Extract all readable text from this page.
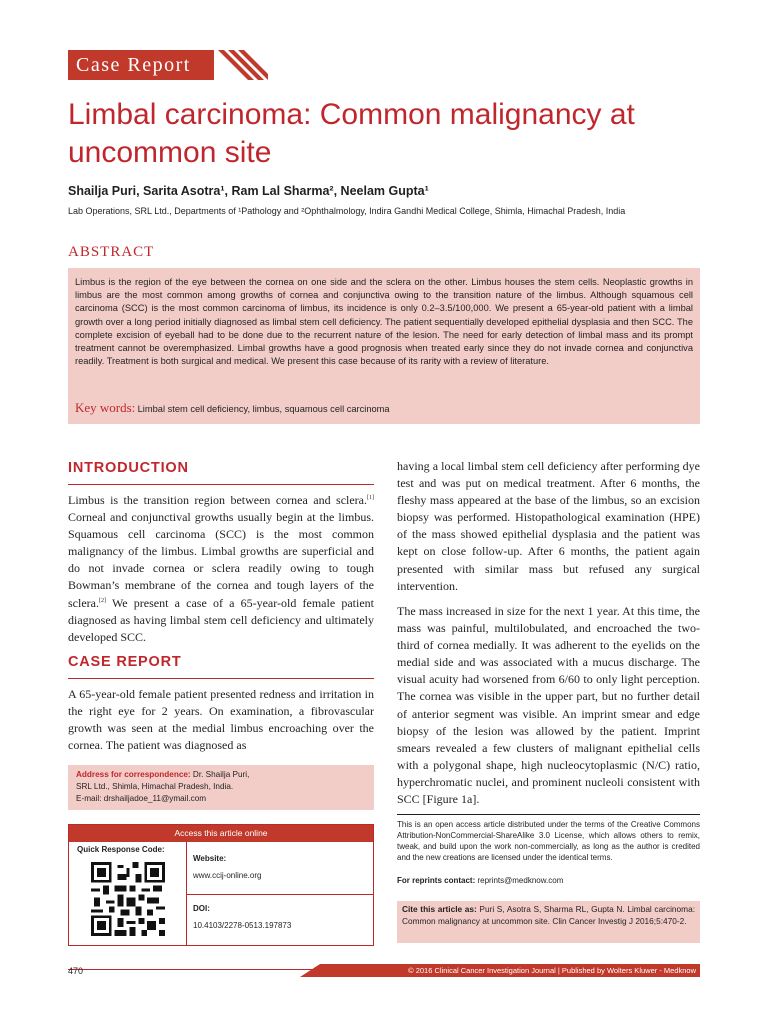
Case Report
Limbal carcinoma: Common malignancy at uncommon site
Shailja Puri, Sarita Asotra¹, Ram Lal Sharma², Neelam Gupta¹
Lab Operations, SRL Ltd., Departments of ¹Pathology and ²Ophthalmology, Indira Gandhi Medical College, Shimla, Himachal Pradesh, India
ABSTRACT

Limbus is the region of the eye between the cornea on one side and the sclera on the other. Limbus houses the stem cells. Neoplastic growths in limbus are the most common among growths of cornea and conjunctiva owing to the transition nature of the limbus. Although squamous cell carcinoma (SCC) is the most common carcinoma of limbus, its incidence is only 0.2–3.5/100,000. We present a 65-year-old patient with a limbal growth over a long period initially diagnosed as limbal stem cell deficiency. The patient sequentially developed epithelial dysplasia and then SCC. The complete excision of eyeball had to be done due to the recurrent nature of the lesion. The need for early detection of limbal mass and its prompt treatment cannot be overemphasized. Limbal growths have a good prognosis when treated early since they do not invade cornea and conjunctiva readily. Treatment is both surgical and medical. We present this case because of its rarity with a review of literature.

Key words: Limbal stem cell deficiency, limbus, squamous cell carcinoma
INTRODUCTION

Limbus is the transition region between cornea and sclera.[1] Corneal and conjunctival growths usually begin at the limbus. Squamous cell carcinoma (SCC) is the most common malignancy of the limbus. Limbal growths are superficial and do not invade cornea or sclera readily owing to tough Bowman’s membrane of the cornea and tough layers of the sclera.[2] We present a case of a 65-year-old female patient diagnosed as having limbal stem cell deficiency and ultimately developed SCC.

CASE REPORT

A 65-year-old female patient presented redness and irritation in the right eye for 2 years. On examination, a fibrovascular growth was seen at the medial limbus encroaching over the cornea. The patient was diagnosed as

Address for correspondence: Dr. Shailja Puri,
SRL Ltd., Shimla, Himachal Pradesh, India.
E-mail: drshailjadoe_11@ymail.com
Access this article online
Quick Response Code:
Website:
www.ccij-online.org
DOI:
10.4103/2278-0513.197873

having a local limbal stem cell deficiency after performing dye test and was put on medical treatment. After 6 months, the fleshy mass appeared at the base of the limbus, so an excision biopsy was performed. Histopathological examination (HPE) of the mass showed epithelial dysplasia and the patient was kept on close follow-up. After 6 months, the patient again presented with similar mass but refused any surgical intervention.

The mass increased in size for the next 1 year. At this time, the mass was painful, multilobulated, and encroached the two-third of cornea medially. It was adherent to the eyelids on the medial side and was associated with a mucus discharge. The visual acuity had worsened from 6/60 to only light perception. The cornea was visible in the upper part, but no further detail of anterior segment was visible. An imprint smear and edge biopsy of the lesion was allowed by the patient. Imprint smears revealed a few clusters of malignant epithelial cells with a polygonal shape, high nucleocytoplasmic (N/C) ratio, hyperchromatic nuclei, and prominent nucleoli consistent with SCC [Figure 1a].

This is an open access article distributed under the terms of the Creative Commons Attribution-NonCommercial-ShareAlike 3.0 License, which allows others to remix, tweak, and build upon the work non-commercially, as long as the author is credited and the new creations are licensed under the identical terms.
For reprints contact: reprints@medknow.com
Cite this article as: Puri S, Asotra S, Sharma RL, Gupta N. Limbal carcinoma: Common malignancy at uncommon site. Clin Cancer Investig J 2016;5:470-2.
470	© 2016 Clinical Cancer Investigation Journal | Published by Wolters Kluwer - Medknow
